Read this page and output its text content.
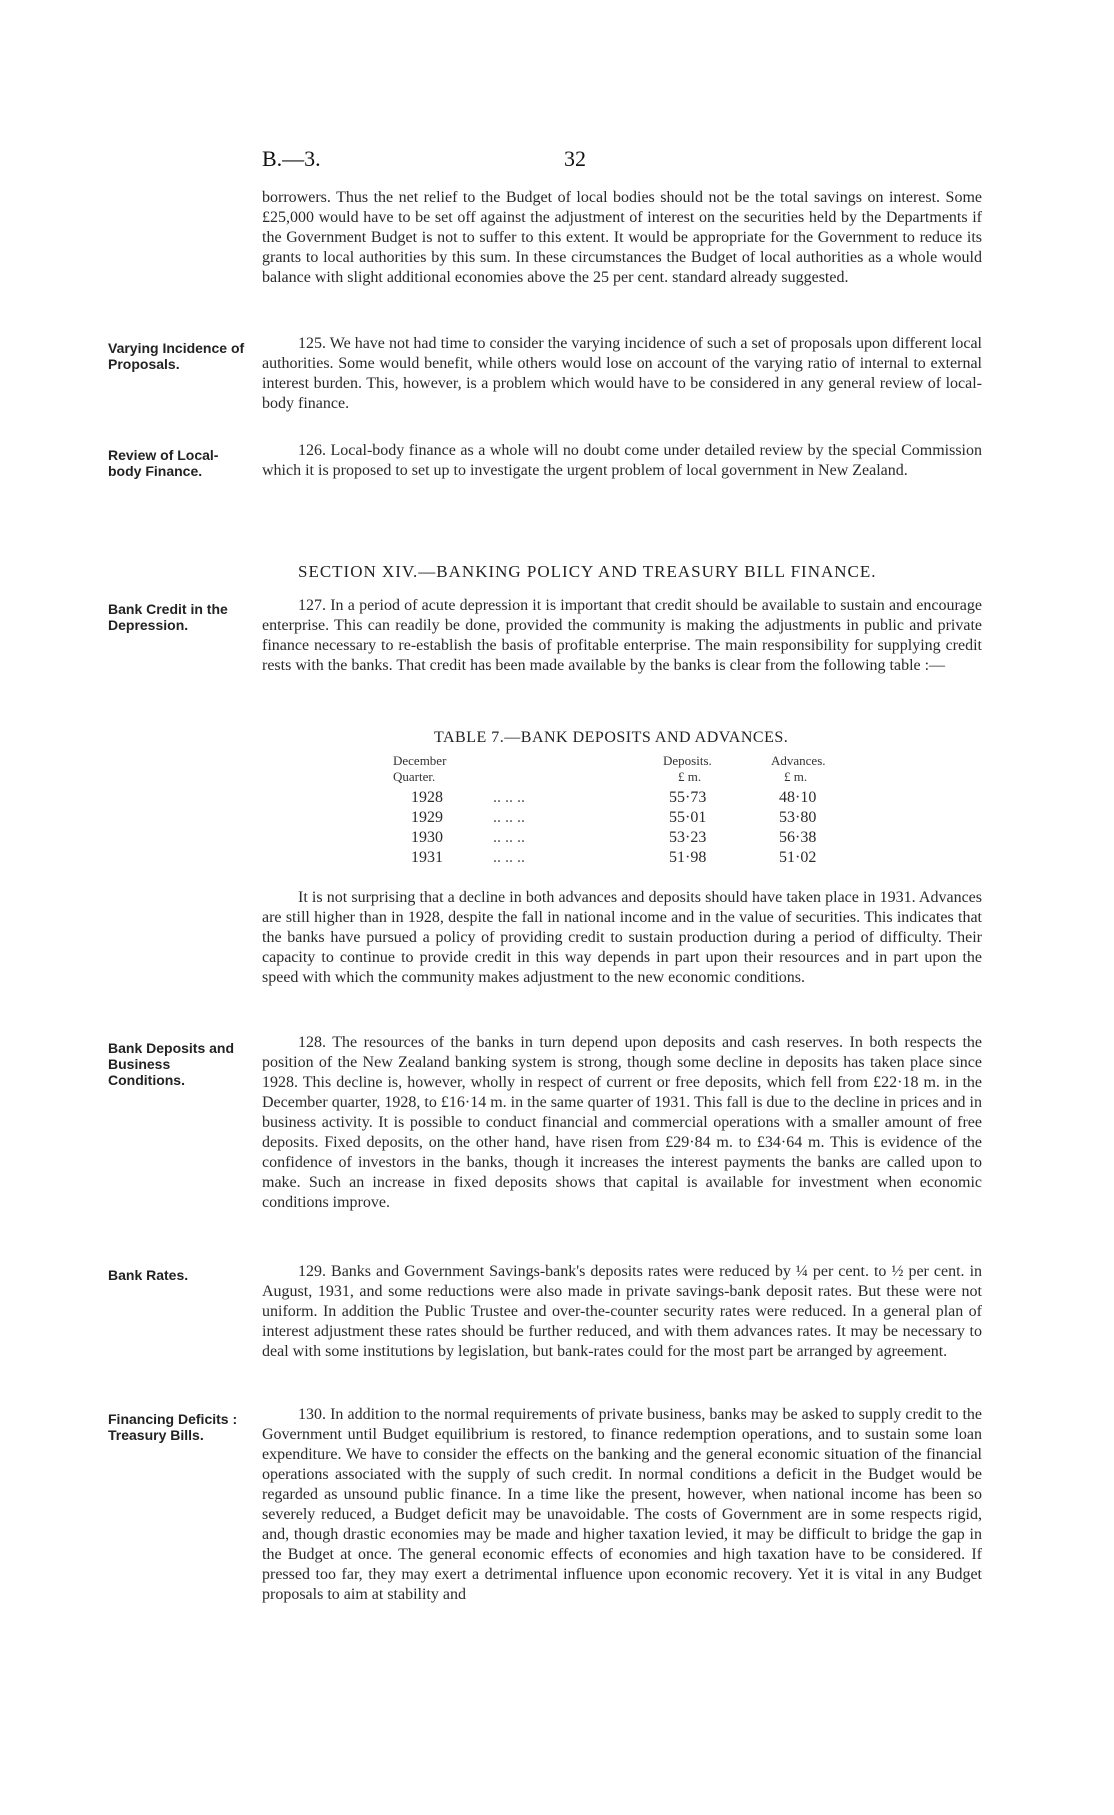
B.—3.	32
Varying Incidence of Proposals.
Review of Local-body Finance.
Bank Credit in the Depression.
Bank Deposits and Business Conditions.
Bank Rates.
Financing Deficits : Treasury Bills.
borrowers. Thus the net relief to the Budget of local bodies should not be the total savings on interest. Some £25,000 would have to be set off against the adjustment of interest on the securities held by the Departments if the Government Budget is not to suffer to this extent. It would be appropriate for the Government to reduce its grants to local authorities by this sum. In these circumstances the Budget of local authorities as a whole would balance with slight additional economies above the 25 per cent. standard already suggested.
125. We have not had time to consider the varying incidence of such a set of proposals upon different local authorities. Some would benefit, while others would lose on account of the varying ratio of internal to external interest burden. This, however, is a problem which would have to be considered in any general review of local-body finance.
126. Local-body finance as a whole will no doubt come under detailed review by the special Commission which it is proposed to set up to investigate the urgent problem of local government in New Zealand.
SECTION XIV.—BANKING POLICY AND TREASURY BILL FINANCE.
127. In a period of acute depression it is important that credit should be available to sustain and encourage enterprise. This can readily be done, provided the community is making the adjustments in public and private finance necessary to re-establish the basis of profitable enterprise. The main responsibility for supplying credit rests with the banks. That credit has been made available by the banks is clear from the following table :—
TABLE 7.—BANK DEPOSITS AND ADVANCES.
December Quarter.
Deposits.
£ m.
Advances.
£ m.
1928	.. .. ..	55·73	48·10
1929	.. .. ..	55·01	53·80
1930	.. .. ..	53·23	56·38
1931	.. .. ..	51·98	51·02
It is not surprising that a decline in both advances and deposits should have taken place in 1931. Advances are still higher than in 1928, despite the fall in national income and in the value of securities. This indicates that the banks have pursued a policy of providing credit to sustain production during a period of difficulty. Their capacity to continue to provide credit in this way depends in part upon their resources and in part upon the speed with which the community makes adjustment to the new economic conditions.
128. The resources of the banks in turn depend upon deposits and cash reserves. In both respects the position of the New Zealand banking system is strong, though some decline in deposits has taken place since 1928. This decline is, however, wholly in respect of current or free deposits, which fell from £22·18 m. in the December quarter, 1928, to £16·14 m. in the same quarter of 1931. This fall is due to the decline in prices and in business activity. It is possible to conduct financial and commercial operations with a smaller amount of free deposits. Fixed deposits, on the other hand, have risen from £29·84 m. to £34·64 m. This is evidence of the confidence of investors in the banks, though it increases the interest payments the banks are called upon to make. Such an increase in fixed deposits shows that capital is available for investment when economic conditions improve.
129. Banks and Government Savings-bank's deposits rates were reduced by ¼ per cent. to ½ per cent. in August, 1931, and some reductions were also made in private savings-bank deposit rates. But these were not uniform. In addition the Public Trustee and over-the-counter security rates were reduced. In a general plan of interest adjustment these rates should be further reduced, and with them advances rates. It may be necessary to deal with some institutions by legislation, but bank-rates could for the most part be arranged by agreement.
130. In addition to the normal requirements of private business, banks may be asked to supply credit to the Government until Budget equilibrium is restored, to finance redemption operations, and to sustain some loan expenditure. We have to consider the effects on the banking and the general economic situation of the financial operations associated with the supply of such credit. In normal conditions a deficit in the Budget would be regarded as unsound public finance. In a time like the present, however, when national income has been so severely reduced, a Budget deficit may be unavoidable. The costs of Government are in some respects rigid, and, though drastic economies may be made and higher taxation levied, it may be difficult to bridge the gap in the Budget at once. The general economic effects of economies and high taxation have to be considered. If pressed too far, they may exert a detrimental influence upon economic recovery. Yet it is vital in any Budget proposals to aim at stability and
